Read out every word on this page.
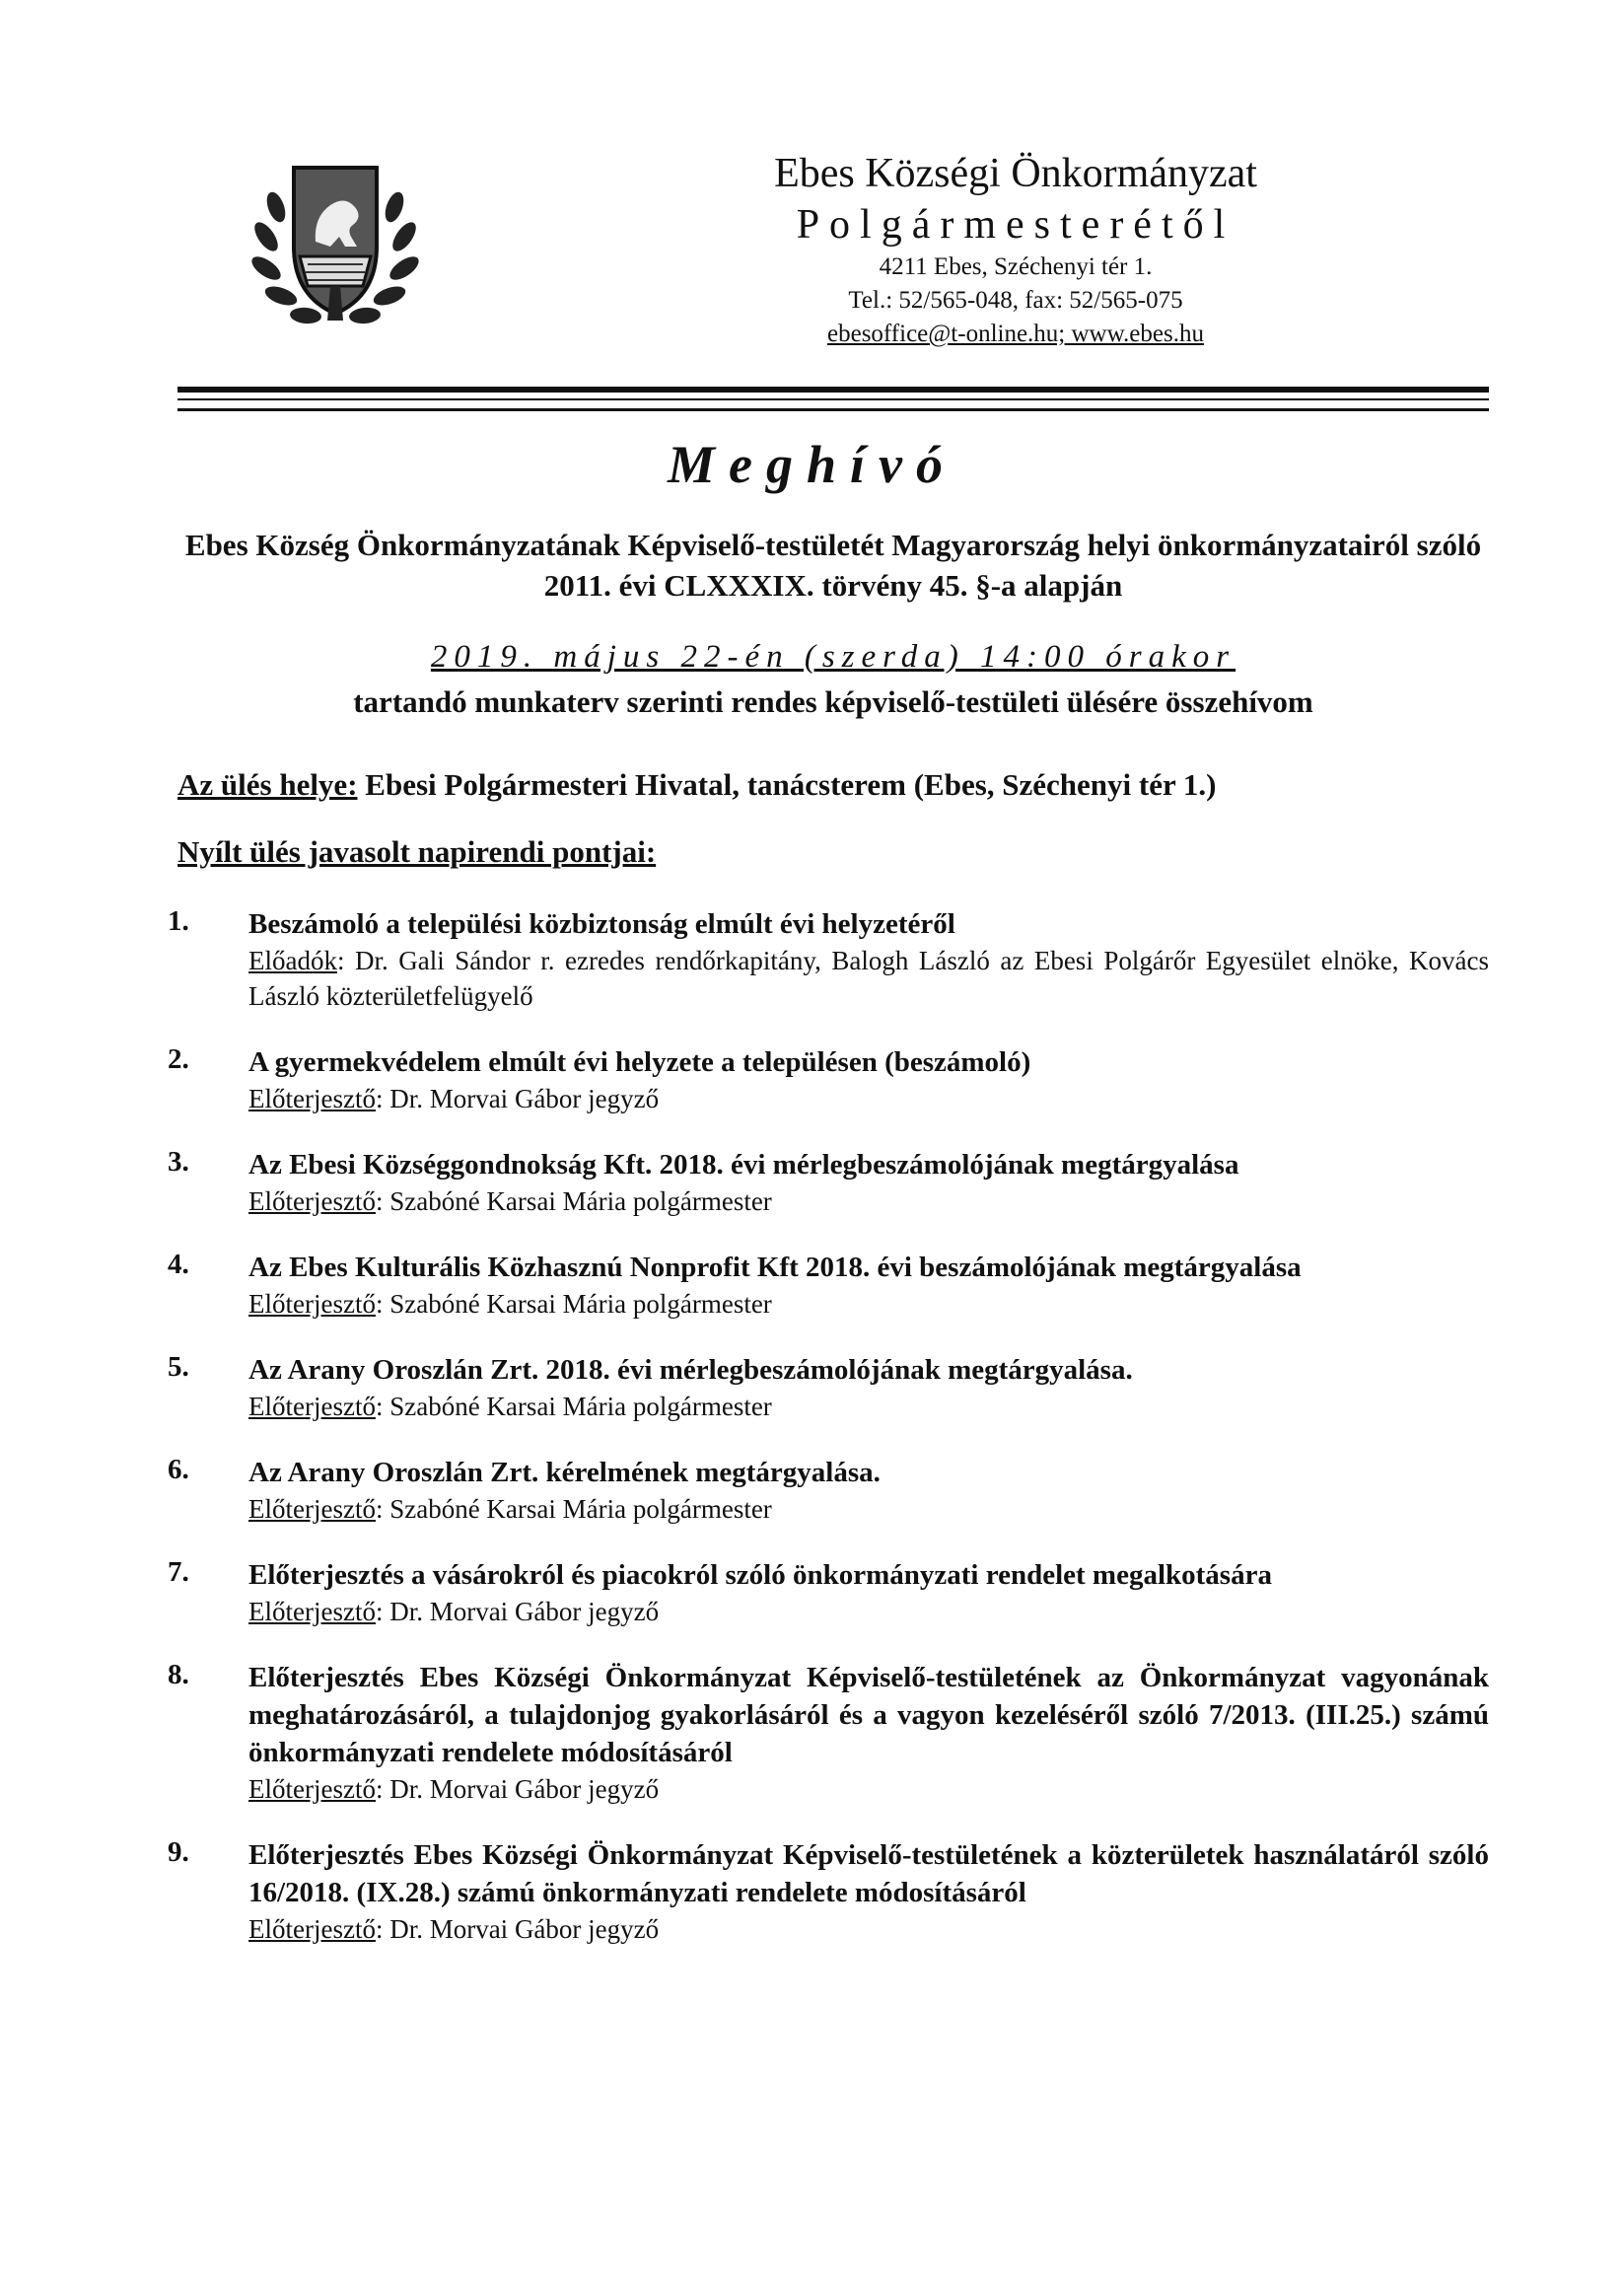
Ebes Községi Önkormányzat
Polgármesterétől
4211 Ebes, Széchenyi tér 1.
Tel.: 52/565-048, fax: 52/565-075
ebesoffice@t-online.hu; www.ebes.hu
Meghívó
Ebes Község Önkormányzatának Képviselő-testületét Magyarország helyi önkormányzatairól szóló 2011. évi CLXXXIX. törvény 45. §-a alapján
2019. május 22-én (szerda) 14:00 órakor
tartandó munkaterv szerinti rendes képviselő-testületi ülésére összehívom
Az ülés helye: Ebesi Polgármesteri Hivatal, tanácsterem (Ebes, Széchenyi tér 1.)
Nyílt ülés javasolt napirendi pontjai:
1.	Beszámoló a települési közbiztonság elmúlt évi helyzetéről
Előadók: Dr. Gali Sándor r. ezredes rendőrkapitány, Balogh László az Ebesi Polgárőr Egyesület elnöke, Kovács László közterületfelügyelő
2.	A gyermekvédelem elmúlt évi helyzete a településen (beszámoló)
Előterjesztő: Dr. Morvai Gábor jegyző
3.	Az Ebesi Községgondnokság Kft. 2018. évi mérlegbeszámolójának megtárgyalása
Előterjesztő: Szabóné Karsai Mária polgármester
4.	Az Ebes Kulturális Közhasznú Nonprofit Kft 2018. évi beszámolójának megtárgyalása
Előterjesztő: Szabóné Karsai Mária polgármester
5.	Az Arany Oroszlán Zrt. 2018. évi mérlegbeszámolójának megtárgyalása.
Előterjesztő: Szabóné Karsai Mária polgármester
6.	Az Arany Oroszlán Zrt. kérelmének megtárgyalása.
Előterjesztő: Szabóné Karsai Mária polgármester
7.	Előterjesztés a vásárokról és piacokról szóló önkormányzati rendelet megalkotására
Előterjesztő: Dr. Morvai Gábor jegyző
8.	Előterjesztés Ebes Községi Önkormányzat Képviselő-testületének az Önkormányzat vagyonának meghatározásáról, a tulajdonjog gyakorlásáról és a vagyon kezeléséről szóló 7/2013. (III.25.) számú önkormányzati rendelete módosításáról
Előterjesztő: Dr. Morvai Gábor jegyző
9.	Előterjesztés Ebes Községi Önkormányzat Képviselő-testületének a közterületek használatáról szóló 16/2018. (IX.28.) számú önkormányzati rendelete módosításáról
Előterjesztő: Dr. Morvai Gábor jegyző
